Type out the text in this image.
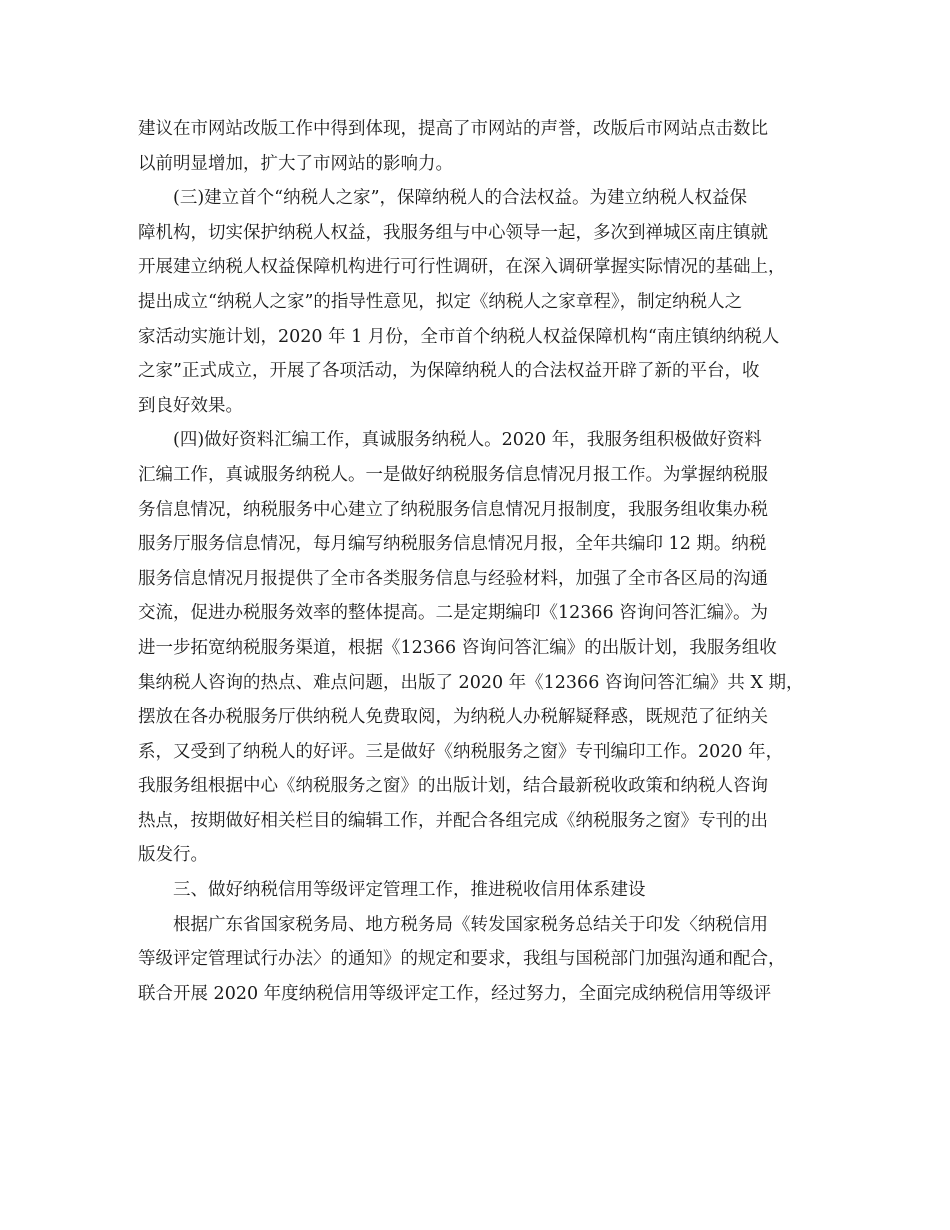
建议在市网站改版工作中得到体现，提高了市网站的声誉，改版后市网站点击数比
以前明显增加，扩大了市网站的影响力。
(三)建立首个“纳税人之家”，保障纳税人的合法权益。为建立纳税人权益保
障机构，切实保护纳税人权益，我服务组与中心领导一起，多次到禅城区南庄镇就
开展建立纳税人权益保障机构进行可行性调研，在深入调研掌握实际情况的基础上，
提出成立“纳税人之家”的指导性意见，拟定《纳税人之家章程》，制定纳税人之
家活动实施计划，2020 年 1 月份，全市首个纳税人权益保障机构“南庄镇纳纳税人
之家”正式成立，开展了各项活动，为保障纳税人的合法权益开辟了新的平台，收
到良好效果。
(四)做好资料汇编工作，真诚服务纳税人。2020 年，我服务组积极做好资料
汇编工作，真诚服务纳税人。一是做好纳税服务信息情况月报工作。为掌握纳税服
务信息情况，纳税服务中心建立了纳税服务信息情况月报制度，我服务组收集办税
服务厅服务信息情况，每月编写纳税服务信息情况月报，全年共编印 12 期。纳税
服务信息情况月报提供了全市各类服务信息与经验材料，加强了全市各区局的沟通
交流，促进办税服务效率的整体提高。二是定期编印《12366 咨询问答汇编》。为
进一步拓宽纳税服务渠道，根据《12366 咨询问答汇编》的出版计划，我服务组收
集纳税人咨询的热点、难点问题，出版了 2020 年《12366 咨询问答汇编》共 X 期，
摆放在各办税服务厅供纳税人免费取阅，为纳税人办税解疑释惑，既规范了征纳关
系，又受到了纳税人的好评。三是做好《纳税服务之窗》专刊编印工作。2020 年，
我服务组根据中心《纳税服务之窗》的出版计划，结合最新税收政策和纳税人咨询
热点，按期做好相关栏目的编辑工作，并配合各组完成《纳税服务之窗》专刊的出
版发行。
三、做好纳税信用等级评定管理工作，推进税收信用体系建设
根据广东省国家税务局、地方税务局《转发国家税务总结关于印发〈纳税信用
等级评定管理试行办法〉的通知》的规定和要求，我组与国税部门加强沟通和配合，
联合开展 2020 年度纳税信用等级评定工作，经过努力，全面完成纳税信用等级评
